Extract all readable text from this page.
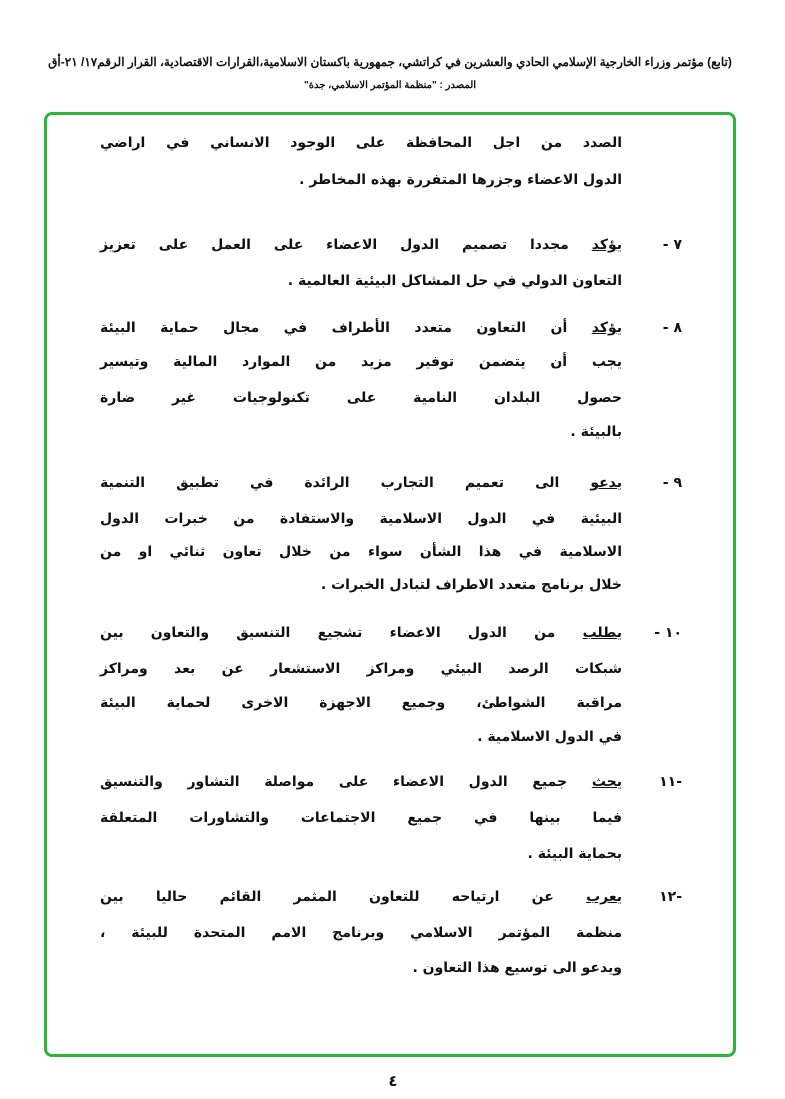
(تابع) مؤتمر وزراء الخارجية الإسلامي الحادي والعشرين في كراتشي، جمهورية باكستان الاسلامية،القرارات الاقتصادية، القرار الرقم١٧/ ٢١-أق
المصدر : "منظمة المؤتمر الاسلامي، جدة"
الصدد من اجل المحافظة على الوجود الانساني في اراضي
الدول الاعضاء وجزرها المتفررة بهذه المخاطر .
٧ -
يؤكد مجددا تصميم الدول الاعضاء على العمل على تعزيز
التعاون الدولي في حل المشاكل البيئية العالمية .
٨ -
يؤكد أن التعاون متعدد الأطراف في مجال حماية البيئة
يجب أن يتضمن توفير مزيد من الموارد المالية وتيسير
حصول البلدان النامية على تكنولوجيات غير ضارة
بالبيئة .
٩ -
يدعو الى تعميم التجارب الرائدة في تطبيق التنمية
البيئية في الدول الاسلامية والاستفادة من خبرات الدول
الاسلامية في هذا الشأن سواء من خلال تعاون ثنائي او من
خلال برنامج متعدد الاطراف لتبادل الخبرات .
١٠ -
يطلب من الدول الاعضاء تشجيع التنسيق والتعاون بين
شبكات الرصد البيئي ومراكز الاستشعار عن بعد ومراكز
مراقبة الشواطئ، وجميع الاجهزة الاخرى لحماية البيئة
في الدول الاسلامية .
-١١
يحث جميع الدول الاعضاء على مواصلة التشاور والتنسيق
فيما بينها في جميع الاجتماعات والتشاورات المتعلقة
بحماية البيئة .
-١٢
يعرب عن ارتياحه للتعاون المثمر القائم حاليا بين
منظمة المؤتمر الاسلامي وبرنامج الامم المتحدة للبيئة ،
ويدعو الى توسيع هذا التعاون .
٤
